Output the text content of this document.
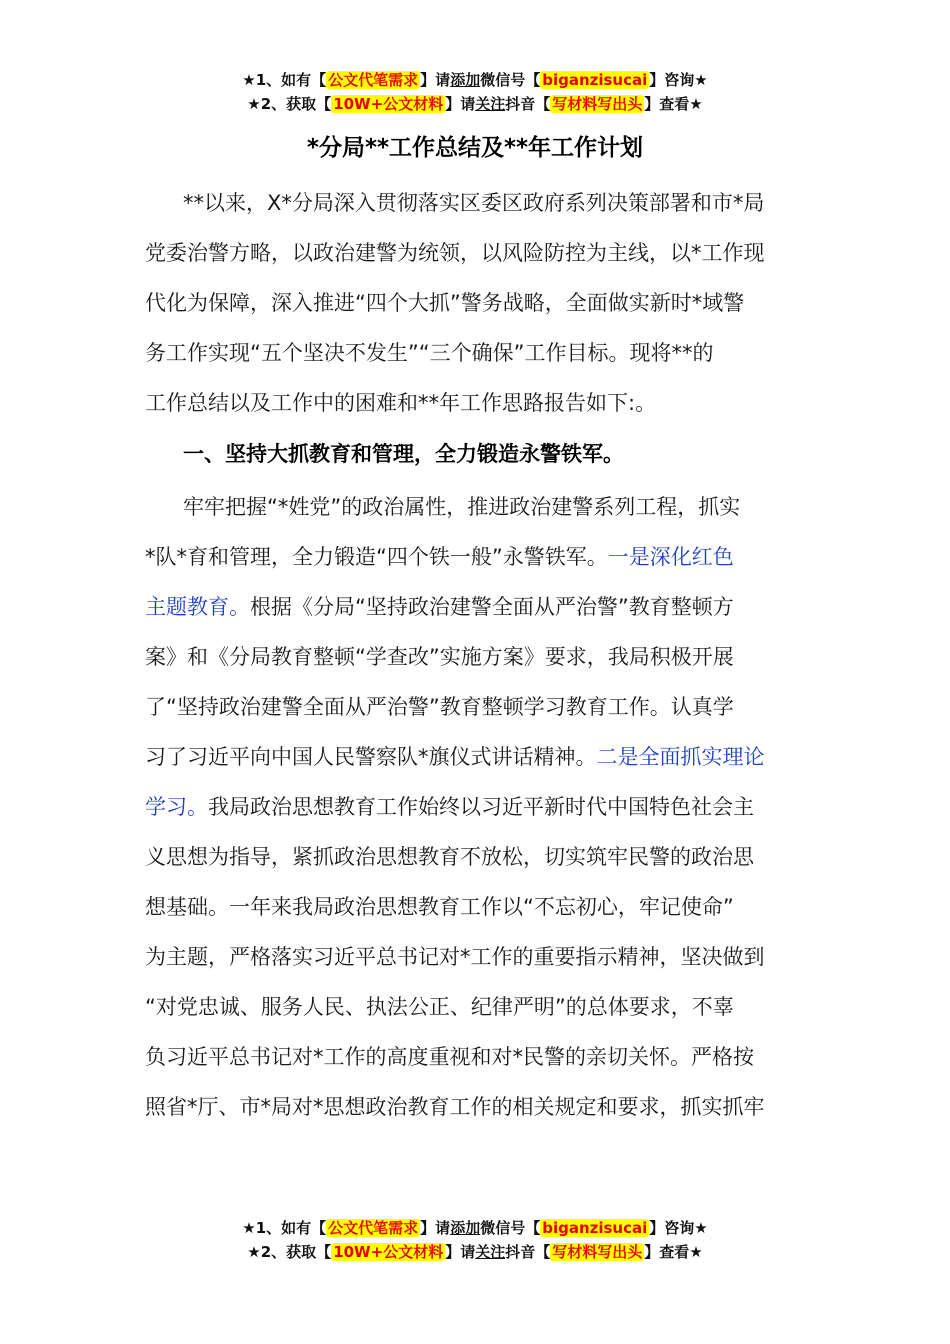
★1、如有【 公文代笔需求 】请添加微信号【 biganzisucai 】咨询★
★2、获取【 10W+公文材料 】请关注抖音【 写材料写出头 】查看★
*分局**工作总结及**年工作计划
**以来，X*分局深入贯彻落实区委区政府系列决策部署和市*局
党委治警方略，以政治建警为统领，以风险防控为主线，以*工作现
代化为保障，深入推进“四个大抓”警务战略，全面做实新时*域警
务工作实现“五个坚决不发生”“三个确保”工作目标。现将**的
工作总结以及工作中的困难和**年工作思路报告如下:。
一、坚持大抓教育和管理，全力锻造永警铁军。
牢牢把握“*姓党”的政治属性，推进政治建警系列工程，抓实
*队*育和管理，全力锻造“四个铁一般”永警铁军。一是深化红色
主题教育。根据《分局“坚持政治建警全面从严治警”教育整顿方
案》和《分局教育整顿“学查改”实施方案》要求，我局积极开展
了“坚持政治建警全面从严治警”教育整顿学习教育工作。认真学
习了习近平向中国人民警察队*旗仪式讲话精神。二是全面抓实理论
学习。我局政治思想教育工作始终以习近平新时代中国特色社会主
义思想为指导，紧抓政治思想教育不放松，切实筑牢民警的政治思
想基础。一年来我局政治思想教育工作以“不忘初心，牢记使命”
为主题，严格落实习近平总书记对*工作的重要指示精神，坚决做到
“对党忠诚、服务人民、执法公正、纪律严明”的总体要求，不辜
负习近平总书记对*工作的高度重视和对*民警的亲切关怀。严格按
照省*厅、市*局对*思想政治教育工作的相关规定和要求，抓实抓牢
★1、如有【 公文代笔需求 】请添加微信号【 biganzisucai 】咨询★
★2、获取【 10W+公文材料 】请关注抖音【 写材料写出头 】查看★
